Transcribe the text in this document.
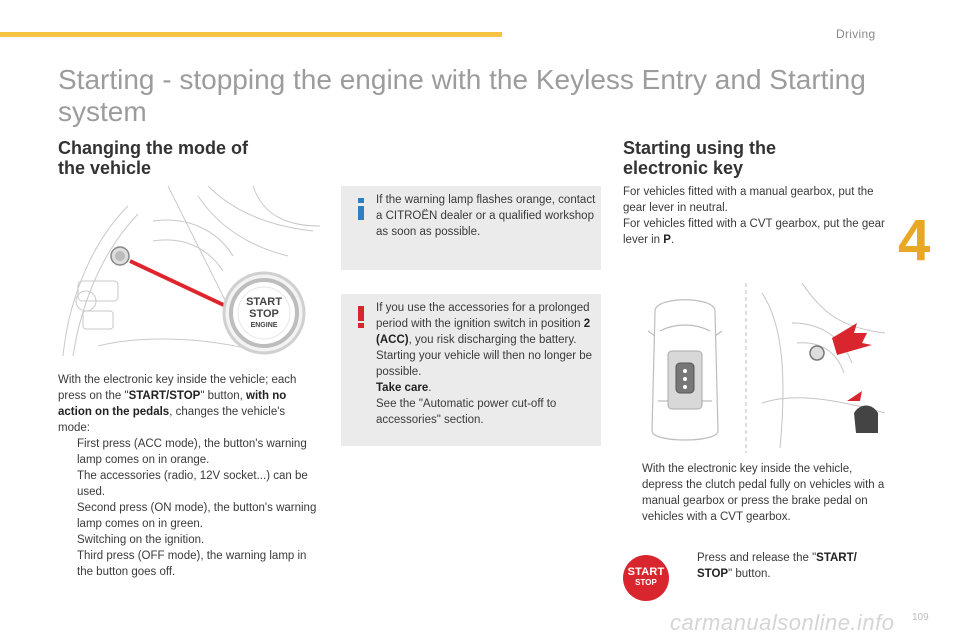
Driving
4
Starting - stopping the engine with the Keyless Entry and Starting system
Changing the mode of
the vehicle
START
STOP
ENGINE
With the electronic key inside the vehicle; each press on the "START/STOP" button, with no action on the pedals, changes the vehicle's mode:
First press (ACC mode), the button's warning lamp comes on in orange.
The accessories (radio, 12V socket...) can be used.
Second press (ON mode), the button's warning lamp comes on in green.
Switching on the ignition.
Third press (OFF mode), the warning lamp in the button goes off.
If the warning lamp flashes orange, contact a CITROËN dealer or a qualified workshop as soon as possible.
If you use the accessories for a prolonged period with the ignition switch in position 2 (ACC), you risk discharging the battery. Starting your vehicle will then no longer be possible.
Take care.
See the "Automatic power cut-off to accessories" section.
Starting using the
electronic key
For vehicles fitted with a manual gearbox, put the gear lever in neutral.
For vehicles fitted with a CVT gearbox, put the gear lever in P.
With the electronic key inside the vehicle, depress the clutch pedal fully on vehicles with a manual gearbox or press the brake pedal on vehicles with a CVT gearbox.
START
STOP
Press and release the "START/ STOP" button.
carmanualsonline.info 109
